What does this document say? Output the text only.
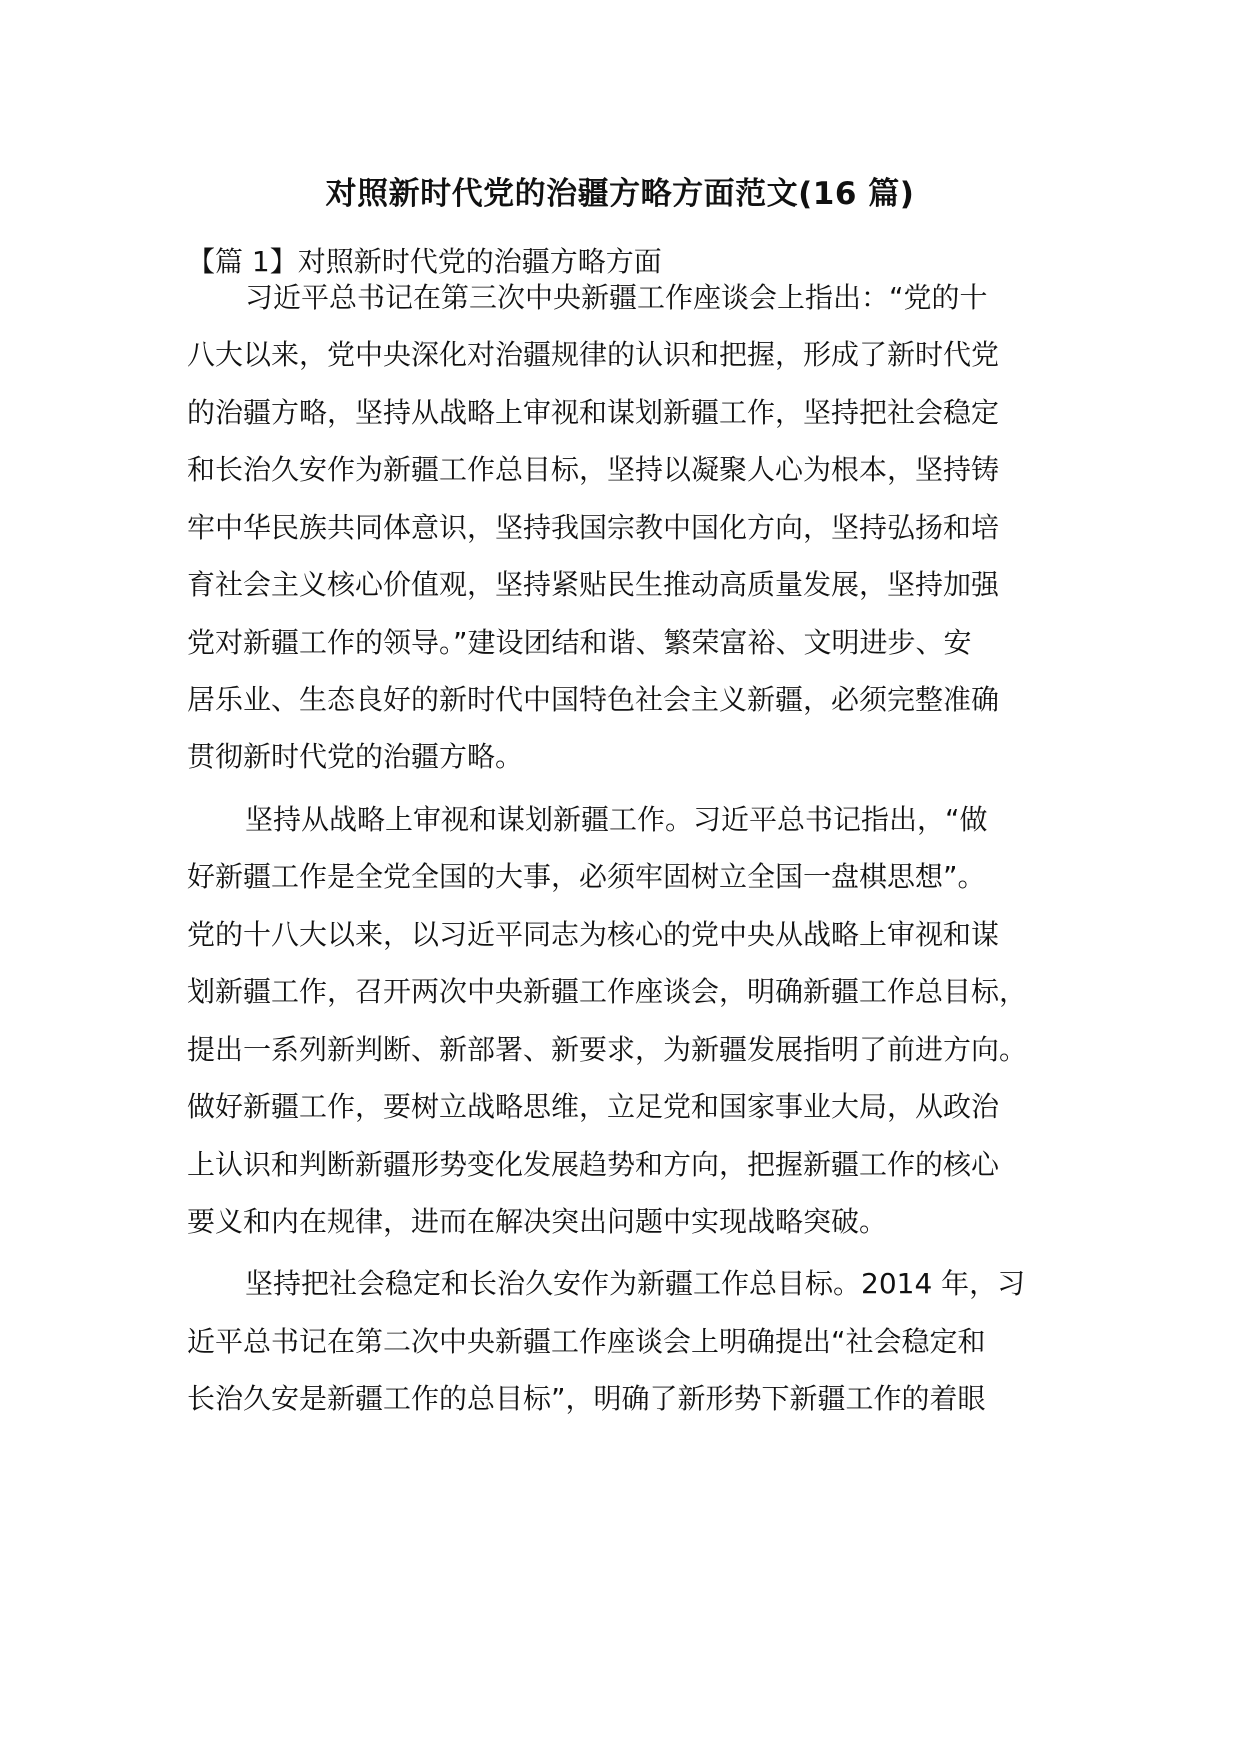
对照新时代党的治疆方略方面范文(16 篇)
【篇 1】对照新时代党的治疆方略方面
习近平总书记在第三次中央新疆工作座谈会上指出：“党的十
八大以来，党中央深化对治疆规律的认识和把握，形成了新时代党
的治疆方略，坚持从战略上审视和谋划新疆工作，坚持把社会稳定
和长治久安作为新疆工作总目标，坚持以凝聚人心为根本，坚持铸
牢中华民族共同体意识，坚持我国宗教中国化方向，坚持弘扬和培
育社会主义核心价值观，坚持紧贴民生推动高质量发展，坚持加强
党对新疆工作的领导。”建设团结和谐、繁荣富裕、文明进步、安
居乐业、生态良好的新时代中国特色社会主义新疆，必须完整准确
贯彻新时代党的治疆方略。
坚持从战略上审视和谋划新疆工作。习近平总书记指出，“做
好新疆工作是全党全国的大事，必须牢固树立全国一盘棋思想”。
党的十八大以来，以习近平同志为核心的党中央从战略上审视和谋
划新疆工作，召开两次中央新疆工作座谈会，明确新疆工作总目标，
提出一系列新判断、新部署、新要求，为新疆发展指明了前进方向。
做好新疆工作，要树立战略思维，立足党和国家事业大局，从政治
上认识和判断新疆形势变化发展趋势和方向，把握新疆工作的核心
要义和内在规律，进而在解决突出问题中实现战略突破。
坚持把社会稳定和长治久安作为新疆工作总目标。2014 年，习
近平总书记在第二次中央新疆工作座谈会上明确提出“社会稳定和
长治久安是新疆工作的总目标”，明确了新形势下新疆工作的着眼
